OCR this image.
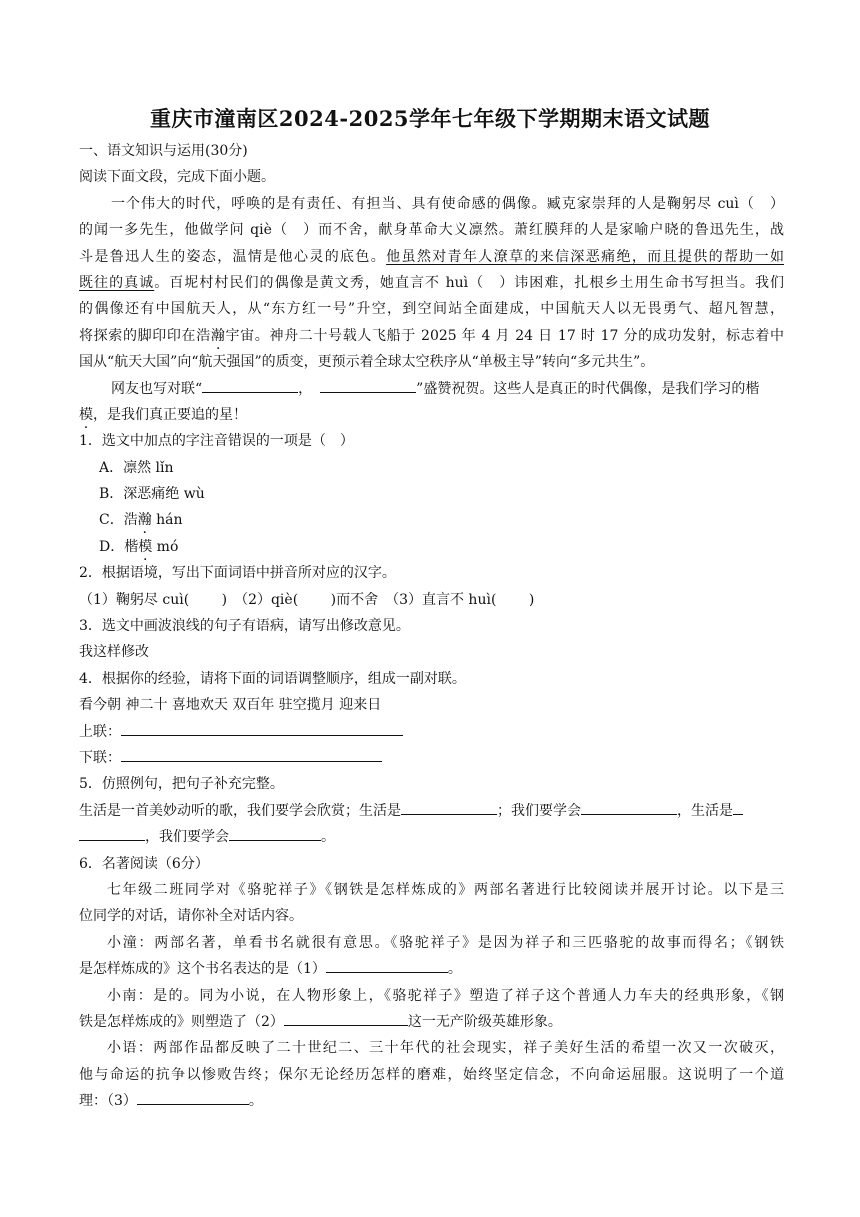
重庆市潼南区2024-2025学年七年级下学期期末语文试题
一、语文知识与运用(30分)
阅读下面文段，完成下面小题。
一个伟大的时代，呼唤的是有责任、有担当、具有使命感的偶像。臧克家崇拜的人是鞠躬尽 cuì（　）
的闻一多先生，他做学问 qiè（　）而不舍，献身革命大义凛然。萧红膜拜的人是家喻户晓的鲁迅先生，战
斗是鲁迅人生的姿态，温情是他心灵的底色。他虽然对青年人潦草的来信深恶痛绝，而且提供的帮助一如
既往的真诚。百坭村村民们的偶像是黄文秀，她直言不 huì（　）讳困难，扎根乡土用生命书写担当。我们
的偶像还有中国航天人，从“东方红一号”升空，到空间站全面建成，中国航天人以无畏勇气、超凡智慧，
将探索的脚印印在浩瀚宇宙。神舟二十号载人飞船于 2025 年 4 月 24 日 17 时 17 分的成功发射，标志着中
国从“航天大国”向“航天强国”的质变，更预示着全球太空秩序从“单极主导”转向“多元共生”。
网友也写对联“	，	”盛赞祝贺。这些人是真正的时代偶像，是我们学习的楷
模，是我们真正要追的星！
1．选文中加点的字注音错误的一项是（　）
A．凛然 lǐn
B．深恶痛绝 wù
C．浩瀚 hán
D．楷模 mó
2．根据语境，写出下面词语中拼音所对应的汉字。
（1）鞠躬尽 cuì(　　 )　（2）qiè(　　 )而不舍　（3）直言不 huì(　　 )
3．选文中画波浪线的句子有语病，请写出修改意见。
我这样修改
4．根据你的经验，请将下面的词语调整顺序，组成一副对联。
看今朝 神二十 喜地欢天 双百年 驻空揽月 迎来日
上联：
下联：
5．仿照例句，把句子补充完整。
生活是一首美妙动听的歌，我们要学会欣赏；生活是	；我们要学会	，生活是
，我们要学会	。
6．名著阅读（6分）
七年级二班同学对《骆驼祥子》《钢铁是怎样炼成的》两部名著进行比较阅读并展开讨论。以下是三
位同学的对话，请你补全对话内容。
小潼：两部名著，单看书名就很有意思。《骆驼祥子》是因为祥子和三匹骆驼的故事而得名；《钢铁
是怎样炼成的》这个书名表达的是（1）	。
小南：是的。同为小说，在人物形象上，《骆驼祥子》塑造了祥子这个普通人力车夫的经典形象，《钢
铁是怎样炼成的》则塑造了（2）	这一无产阶级英雄形象。
小语：两部作品都反映了二十世纪二、三十年代的社会现实，祥子美好生活的希望一次又一次破灭，
他与命运的抗争以惨败告终；保尔无论经历怎样的磨难，始终坚定信念，不向命运屈服。这说明了一个道
理：（3）	。
